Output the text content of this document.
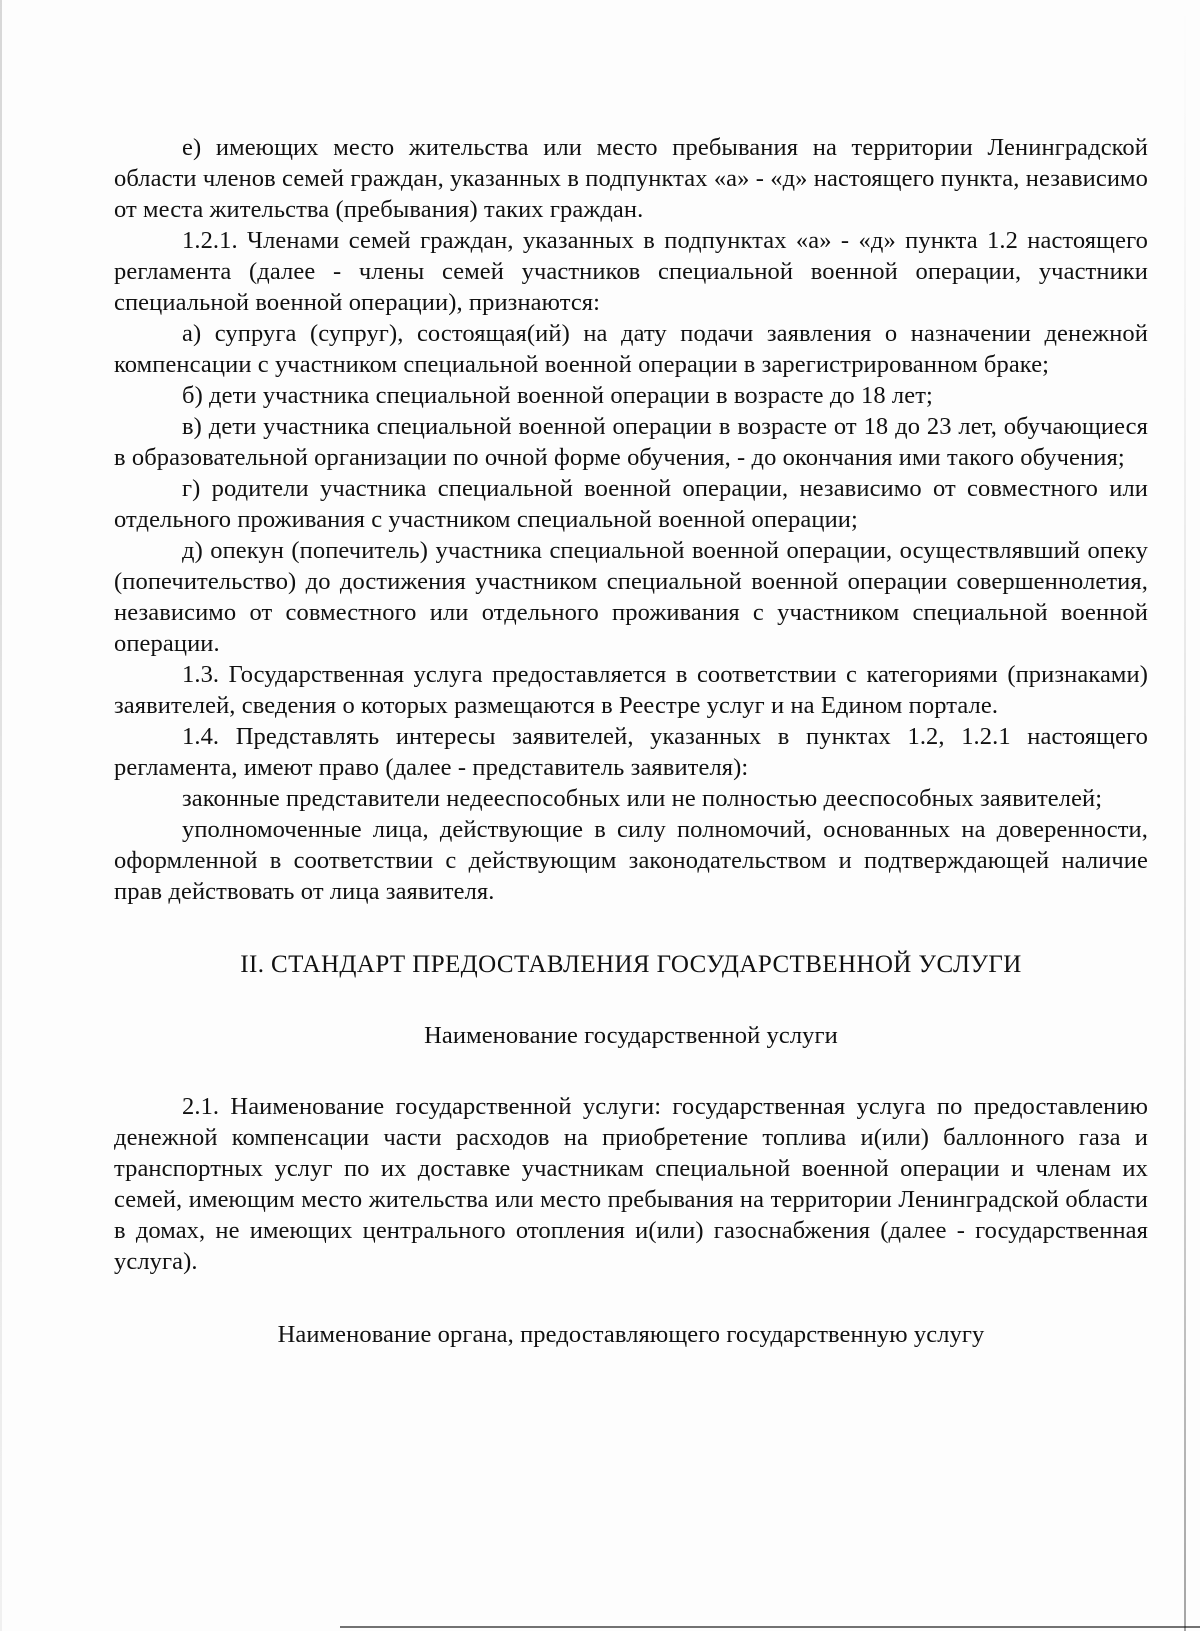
е) имеющих место жительства или место пребывания на территории Ленинградской области членов семей граждан, указанных в подпунктах «а» - «д» настоящего пункта, независимо от места жительства (пребывания) таких граждан.

1.2.1. Членами семей граждан, указанных в подпунктах «а» - «д» пункта 1.2 настоящего регламента (далее - члены семей участников специальной военной операции, участники специальной военной операции), признаются:

а) супруга (супруг), состоящая(ий) на дату подачи заявления о назначении денежной компенсации с участником специальной военной операции в зарегистрированном браке;

б) дети участника специальной военной операции в возрасте до 18 лет;

в) дети участника специальной военной операции в возрасте от 18 до 23 лет, обучающиеся в образовательной организации по очной форме обучения, - до окончания ими такого обучения;

г) родители участника специальной военной операции, независимо от совместного или отдельного проживания с участником специальной военной операции;

д) опекун (попечитель) участника специальной военной операции, осуществлявший опеку (попечительство) до достижения участником специальной военной операции совершеннолетия, независимо от совместного или отдельного проживания с участником специальной военной операции.

1.3. Государственная услуга предоставляется в соответствии с категориями (признаками) заявителей, сведения о которых размещаются в Реестре услуг и на Едином портале.

1.4. Представлять интересы заявителей, указанных в пунктах 1.2, 1.2.1 настоящего регламента, имеют право (далее - представитель заявителя):

законные представители недееспособных или не полностью дееспособных заявителей;

уполномоченные лица, действующие в силу полномочий, основанных на доверенности, оформленной в соответствии с действующим законодательством и подтверждающей наличие прав действовать от лица заявителя.

II. СТАНДАРТ ПРЕДОСТАВЛЕНИЯ ГОСУДАРСТВЕННОЙ УСЛУГИ

Наименование государственной услуги

2.1. Наименование государственной услуги: государственная услуга по предоставлению денежной компенсации части расходов на приобретение топлива и(или) баллонного газа и транспортных услуг по их доставке участникам специальной военной операции и членам их семей, имеющим место жительства или место пребывания на территории Ленинградской области в домах, не имеющих центрального отопления и(или) газоснабжения (далее - государственная услуга).

Наименование органа, предоставляющего государственную услугу
